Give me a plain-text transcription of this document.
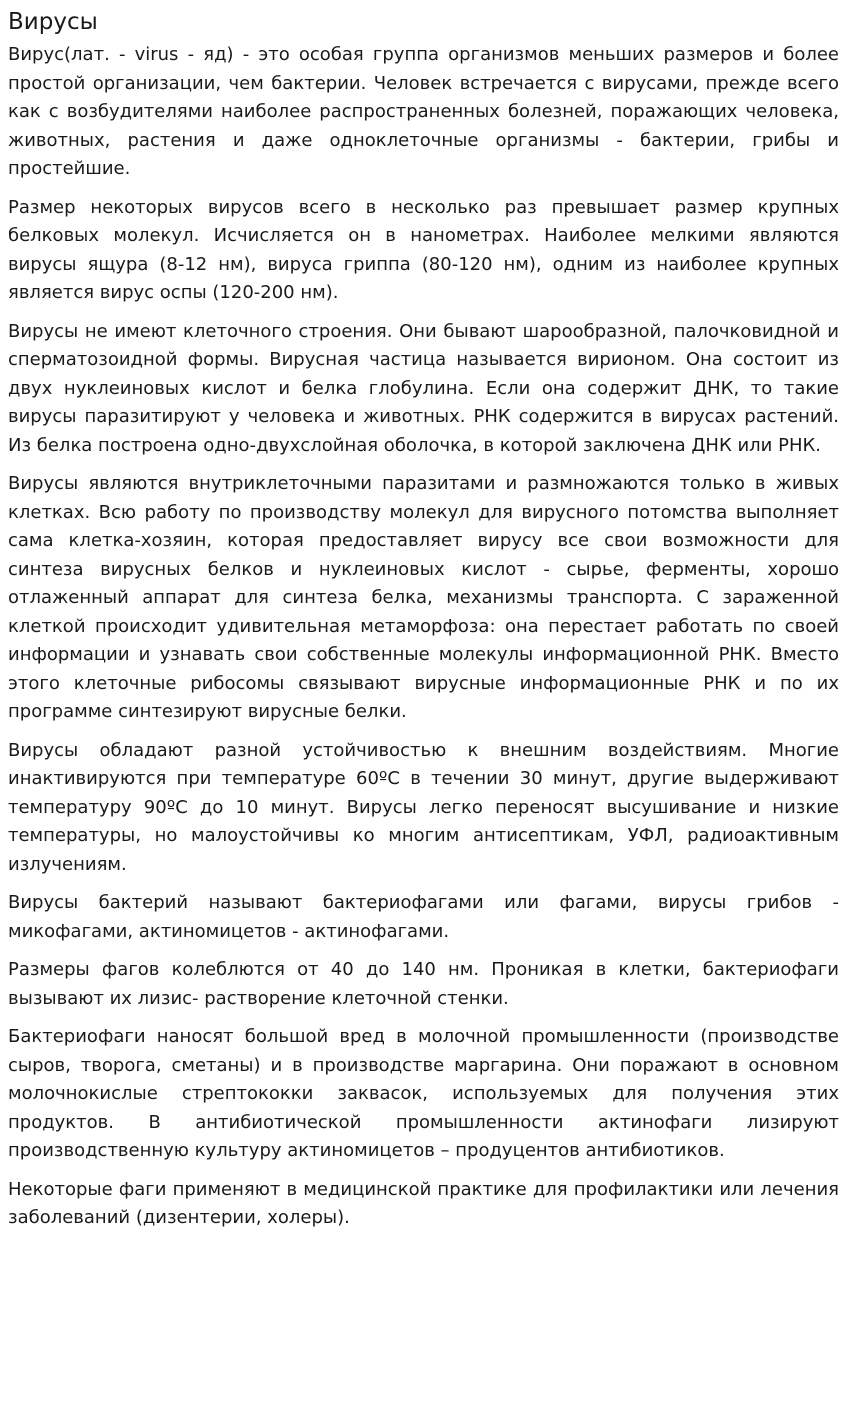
Вирусы

Вирус(лат. - virus - яд) - это особая группа организмов меньших размеров и более простой организации, чем бактерии. Человек встречается с вирусами, прежде всего как с возбудителями наиболее распространенных болезней, поражающих человека, животных, растения и даже одноклеточные организмы - бактерии, грибы и простейшие.

Размер некоторых вирусов всего в несколько раз превышает размер крупных белковых молекул. Исчисляется он в нанометрах. Наиболее мелкими являются вирусы ящура (8-12 нм), вируса гриппа (80-120 нм), одним из наиболее крупных является вирус оспы (120-200 нм).

Вирусы не имеют клеточного строения. Они бывают шарообразной, палочковидной и сперматозоидной формы. Вирусная частица называется вирионом. Она состоит из двух нуклеиновых кислот и белка глобулина. Если она содержит ДНК, то такие вирусы паразитируют у человека и животных. РНК содержится в вирусах растений. Из белка построена одно-двухслойная оболочка, в которой заключена ДНК или РНК.

Вирусы являются внутриклеточными паразитами и размножаются только в живых клетках. Всю работу по производству молекул для вирусного потомства выполняет сама клетка-хозяин, которая предоставляет вирусу все свои возможности для синтеза вирусных белков и нуклеиновых кислот - сырье, ферменты, хорошо отлаженный аппарат для синтеза белка, механизмы транспорта. С зараженной клеткой происходит удивительная метаморфоза: она перестает работать по своей информации и узнавать свои собственные молекулы информационной РНК. Вместо этого клеточные рибосомы связывают вирусные информационные РНК и по их программе синтезируют вирусные белки.

Вирусы обладают разной устойчивостью к внешним воздействиям. Многие инактивируются при температуре 60ºС в течении 30 минут, другие выдерживают температуру 90ºС до 10 минут. Вирусы легко переносят высушивание и низкие температуры, но малоустойчивы ко многим антисептикам, УФЛ, радиоактивным излучениям.

Вирусы бактерий называют бактериофагами или фагами, вирусы грибов - микофагами, актиномицетов - актинофагами.

Размеры фагов колеблются от 40 до 140 нм. Проникая в клетки, бактериофаги вызывают их лизис- растворение клеточной стенки.

Бактериофаги наносят большой вред в молочной промышленности (производстве сыров, творога, сметаны) и в производстве маргарина. Они поражают в основном молочнокислые стрептококки заквасок, используемых для получения этих продуктов. В антибиотической промышленности актинофаги лизируют производственную культуру актиномицетов – продуцентов антибиотиков.

Некоторые фаги применяют в медицинской практике для профилактики или лечения заболеваний (дизентерии, холеры).
